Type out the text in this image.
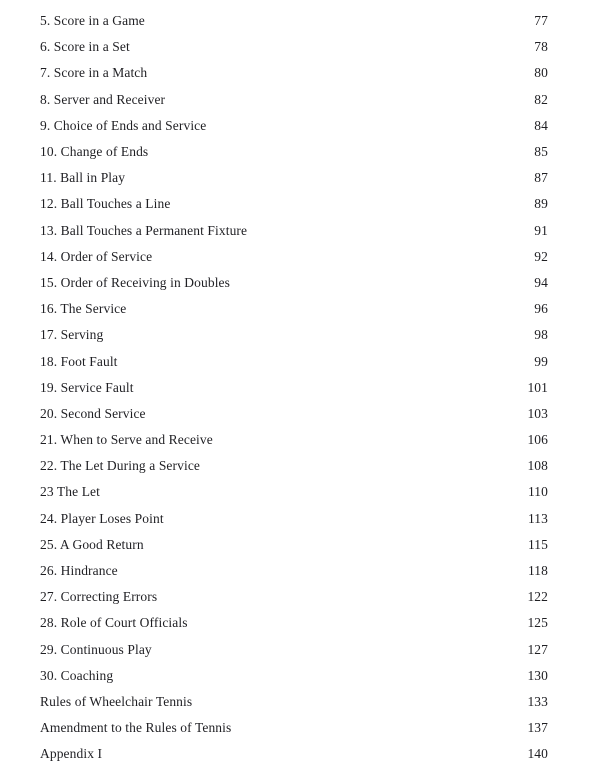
5. Score in a Game	77
6. Score in a Set	78
7. Score in a Match	80
8. Server and Receiver	82
9. Choice of Ends and Service	84
10. Change of Ends	85
11. Ball in Play	87
12. Ball Touches a Line	89
13. Ball Touches a Permanent Fixture	91
14. Order of Service	92
15. Order of Receiving in Doubles	94
16. The Service	96
17. Serving	98
18. Foot Fault	99
19. Service Fault	101
20. Second Service	103
21. When to Serve and Receive	106
22. The Let During a Service	108
23 The Let	110
24. Player Loses Point	113
25. A Good Return	115
26. Hindrance	118
27. Correcting Errors	122
28. Role of Court Officials	125
29. Continuous Play	127
30. Coaching	130
Rules of Wheelchair Tennis	133
Amendment to the Rules of Tennis	137
Appendix I	140
